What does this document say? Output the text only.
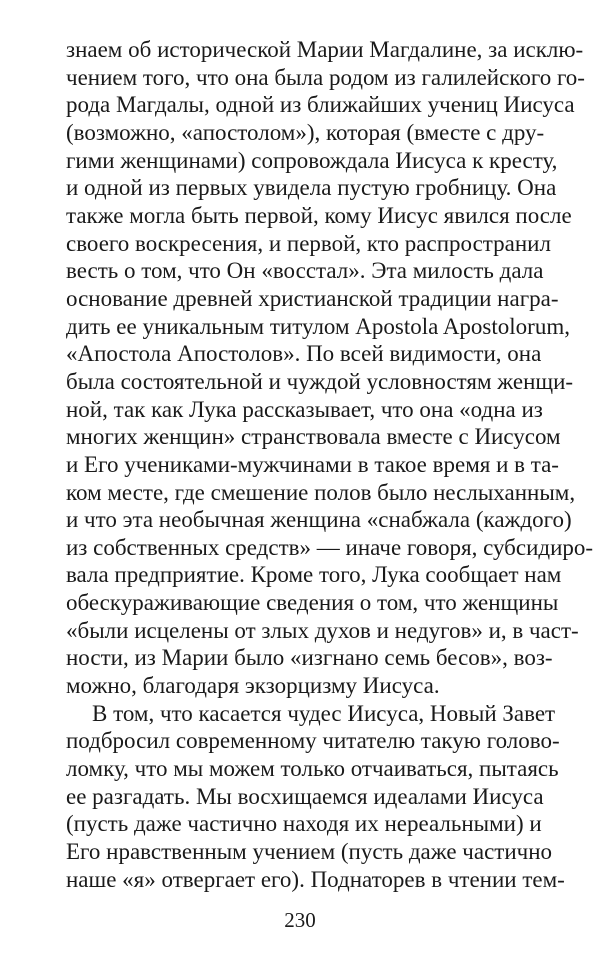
знаем об исторической Марии Магдалине, за исклю-
чением того, что она была родом из галилейского го-
рода Магдалы, одной из ближайших учениц Иисуса
(возможно, «апостолом»), которая (вместе с дру-
гими женщинами) сопровождала Иисуса к кресту,
и одной из первых увидела пустую гробницу. Она
также могла быть первой, кому Иисус явился после
своего воскресения, и первой, кто распространил
весть о том, что Он «восстал». Эта милость дала
основание древней христианской традиции награ-
дить ее уникальным титулом Apostola Apostolorum,
«Апостола Апостолов». По всей видимости, она
была состоятельной и чуждой условностям женщи-
ной, так как Лука рассказывает, что она «одна из
многих женщин» странствовала вместе с Иисусом
и Его учениками-мужчинами в такое время и в та-
ком месте, где смешение полов было неслыханным,
и что эта необычная женщина «снабжала (каждого)
из собственных средств» — иначе говоря, субсидиро-
вала предприятие. Кроме того, Лука сообщает нам
обескураживающие сведения о том, что женщины
«были исцелены от злых духов и недугов» и, в част-
ности, из Марии было «изгнано семь бесов», воз-
можно, благодаря экзорцизму Иисуса.
В том, что касается чудес Иисуса, Новый Завет
подбросил современному читателю такую голово-
ломку, что мы можем только отчаиваться, пытаясь
ее разгадать. Мы восхищаемся идеалами Иисуса
(пусть даже частично находя их нереальными) и
Его нравственным учением (пусть даже частично
наше «я» отвергает его). Поднаторев в чтении тем-
230
